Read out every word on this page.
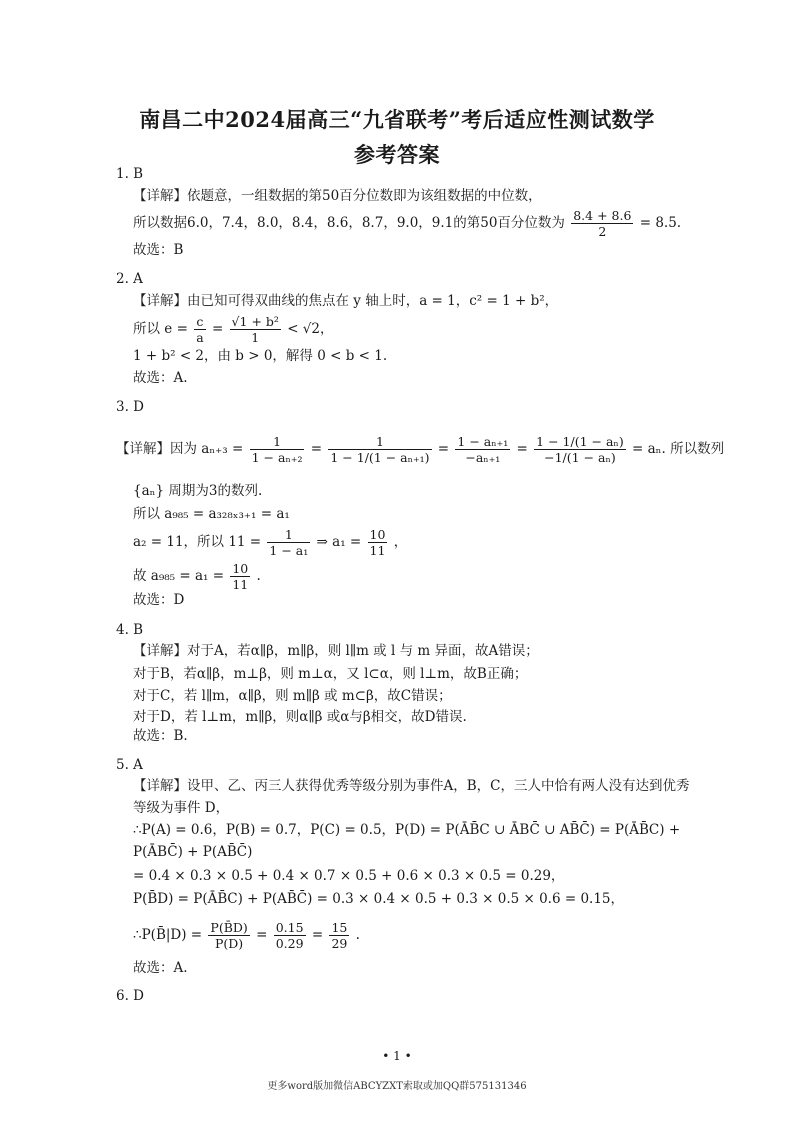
南昌二中2024届高三“九省联考”考后适应性测试数学
参考答案
1. B
【详解】依题意，一组数据的第50百分位数即为该组数据的中位数，
所以数据6.0，7.4，8.0，8.4，8.6，8.7，9.0，9.1的第50百分位数为 $\frac{8.4 + 8.6}{2} = 8.5$.
故选：B
2. A
【详解】由已知可得双曲线的焦点在 y 轴上时，a = 1，c² = 1 + b²，
所以 $e = \frac{c}{a} = \frac{\text{√1 + b²}}{1} < √2$，
1 + b² < 2，由 b > 0，解得 0 < b < 1.
故选：A.
3. D
【详解】因为 $a_{n+3} = \frac{1}{\text{1 − aₙ₊₂}} = \frac{1}{\text{1 − 1/(1 − aₙ₊₁)}} = \frac{\text{1 − aₙ₊₁}}{\text{−aₙ₊₁}} = \frac{\text{1 − 1/(1 − aₙ)}}{\text{−1/(1 − aₙ)}} = a_n$. 所以数列
{aₙ} 周期为3的数列.
所以 a₉₈₅ = a₃₂₈ₓ₃₊₁ = a₁
a₂ = 11，所以 $11 = \frac{1}{\text{1 − a₁}}$ ⇒ $a_1 = \frac{10}{11}$ ，
故 $a_{985} = a_1 = \frac{10}{11}$ .
故选：D
4. B
【详解】对于A，若α∥β，m∥β，则 l∥m 或 l 与 m 异面，故A错误；
对于B，若α∥β，m⊥β，则 m⊥α，又 l⊂α，则 l⊥m，故B正确；
对于C，若 l∥m，α∥β，则 m∥β 或 m⊂β，故C错误；
对于D，若 l⊥m，m∥β，则α∥β 或α与β相交，故D错误.
故选：B.
5. A
【详解】设甲、乙、丙三人获得优秀等级分别为事件A，B，C，三人中恰有两人没有达到优秀
等级为事件 D，
∴P(A) = 0.6，P(B) = 0.7，P(C) = 0.5，P(D) = P(ĀB̄C ∪ ĀBC̄ ∪ AB̄C̄) = P(ĀB̄C) +
P(ĀBC̄) + P(AB̄C̄)
= 0.4 × 0.3 × 0.5 + 0.4 × 0.7 × 0.5 + 0.6 × 0.3 × 0.5 = 0.29，
P(B̄D) = P(ĀB̄C) + P(AB̄C̄) = 0.3 × 0.4 × 0.5 + 0.3 × 0.5 × 0.6 = 0.15，
∴P(B̄|D) = $\frac{P(B̄D)}{P(D)} = \frac{0.15}{0.29} = \frac{15}{29}$ .
故选：A.
6. D
• 1 •
更多word版加微信ABCYZXT索取或加QQ群575131346
